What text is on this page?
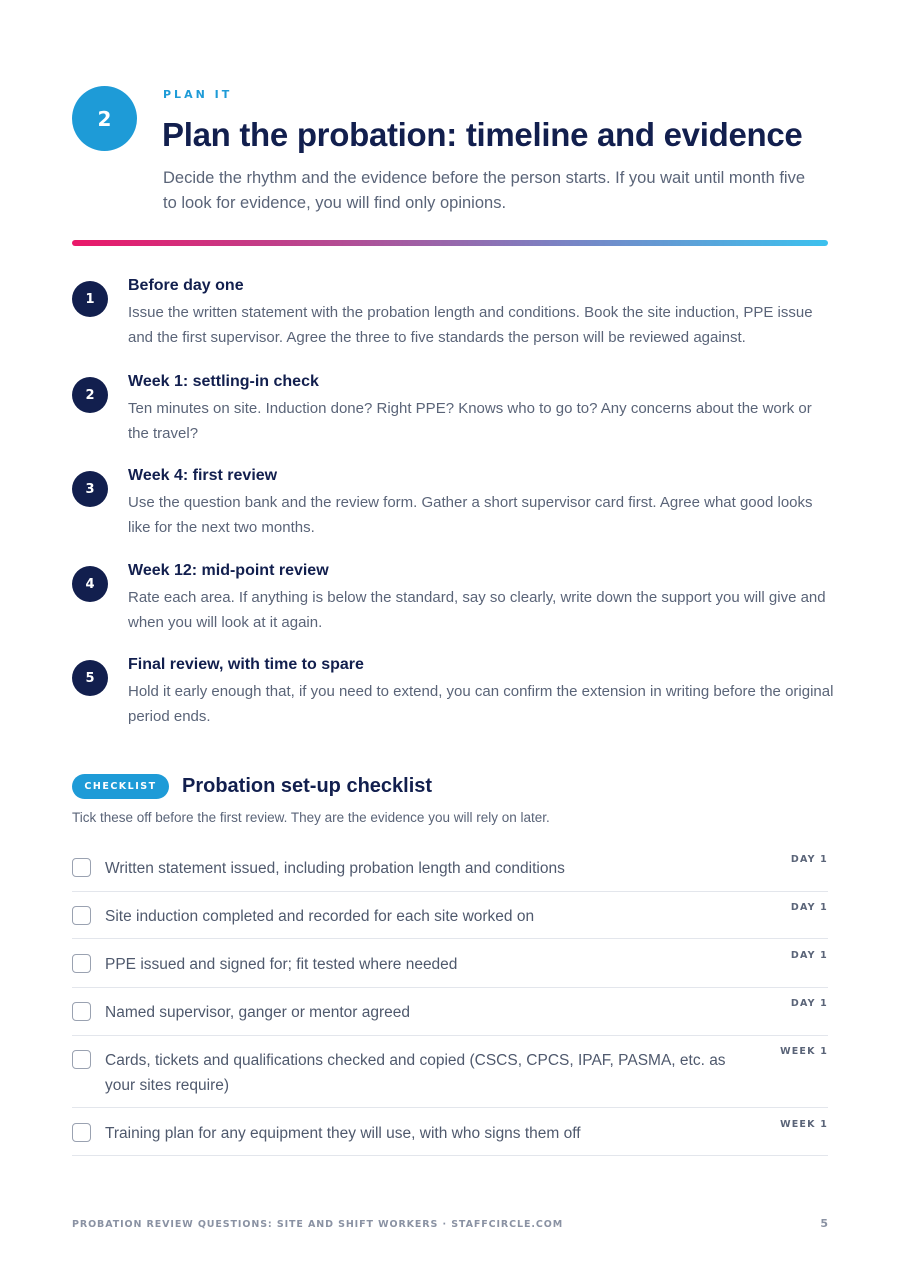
2
PLAN IT
Plan the probation: timeline and evidence

Decide the rhythm and the evidence before the person starts. If you wait until month five to look for evidence, you will find only opinions.

1
Before day one

Issue the written statement with the probation length and conditions. Book the site induction, PPE issue and the first supervisor. Agree the three to five standards the person will be reviewed against.

2
Week 1: settling-in check

Ten minutes on site. Induction done? Right PPE? Knows who to go to? Any concerns about the work or the travel?

3
Week 4: first review

Use the question bank and the review form. Gather a short supervisor card first. Agree what good looks like for the next two months.

4
Week 12: mid-point review

Rate each area. If anything is below the standard, say so clearly, write down the support you will give and when you will look at it again.

5
Final review, with time to spare

Hold it early enough that, if you need to extend, you can confirm the extension in writing before the original period ends.

CHECKLIST	Probation set-up checklist

Tick these off before the first review. They are the evidence you will rely on later.

Written statement issued, including probation length and conditions
DAY 1
Site induction completed and recorded for each site worked on
DAY 1
PPE issued and signed for; fit tested where needed
DAY 1
Named supervisor, ganger or mentor agreed
DAY 1
Cards, tickets and qualifications checked and copied (CSCS, CPCS, IPAF, PASMA, etc. as your sites require)
WEEK 1
Training plan for any equipment they will use, with who signs them off
WEEK 1
PROBATION REVIEW QUESTIONS: SITE AND SHIFT WORKERS · STAFFCIRCLE.COM	5
